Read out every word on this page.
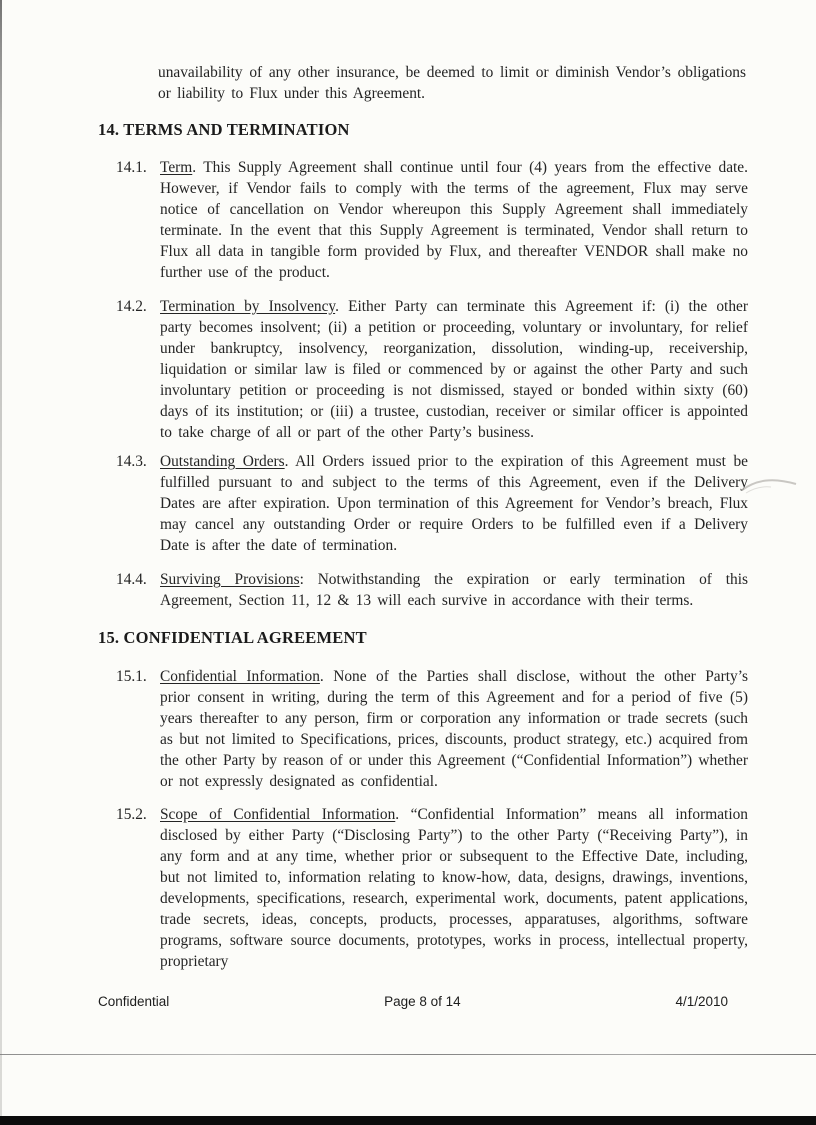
unavailability of any other insurance, be deemed to limit or diminish Vendor’s obligations or liability to Flux under this Agreement.

14. TERMS AND TERMINATION
14.1. Term. This Supply Agreement shall continue until four (4) years from the effective date. However, if Vendor fails to comply with the terms of the agreement, Flux may serve notice of cancellation on Vendor whereupon this Supply Agreement shall immediately terminate. In the event that this Supply Agreement is terminated, Vendor shall return to Flux all data in tangible form provided by Flux, and thereafter VENDOR shall make no further use of the product.

14.2. Termination by Insolvency. Either Party can terminate this Agreement if: (i) the other party becomes insolvent; (ii) a petition or proceeding, voluntary or involuntary, for relief under bankruptcy, insolvency, reorganization, dissolution, winding-up, receivership, liquidation or similar law is filed or commenced by or against the other Party and such involuntary petition or proceeding is not dismissed, stayed or bonded within sixty (60) days of its institution; or (iii) a trustee, custodian, receiver or similar officer is appointed to take charge of all or part of the other Party’s business.

14.3. Outstanding Orders. All Orders issued prior to the expiration of this Agreement must be fulfilled pursuant to and subject to the terms of this Agreement, even if the Delivery Dates are after expiration. Upon termination of this Agreement for Vendor’s breach, Flux may cancel any outstanding Order or require Orders to be fulfilled even if a Delivery Date is after the date of termination.

14.4. Surviving Provisions: Notwithstanding the expiration or early termination of this Agreement, Section 11, 12 & 13 will each survive in accordance with their terms.

15. CONFIDENTIAL AGREEMENT
15.1. Confidential Information. None of the Parties shall disclose, without the other Party’s prior consent in writing, during the term of this Agreement and for a period of five (5) years thereafter to any person, firm or corporation any information or trade secrets (such as but not limited to Specifications, prices, discounts, product strategy, etc.) acquired from the other Party by reason of or under this Agreement (“Confidential Information”) whether or not expressly designated as confidential.

15.2. Scope of Confidential Information. “Confidential Information” means all information disclosed by either Party (“Disclosing Party”) to the other Party (“Receiving Party”), in any form and at any time, whether prior or subsequent to the Effective Date, including, but not limited to, information relating to know-how, data, designs, drawings, inventions, developments, specifications, research, experimental work, documents, patent applications, trade secrets, ideas, concepts, products, processes, apparatuses, algorithms, software programs, software source documents, prototypes, works in process, intellectual property, proprietary

Confidential	Page 8 of 14	4/1/2010
